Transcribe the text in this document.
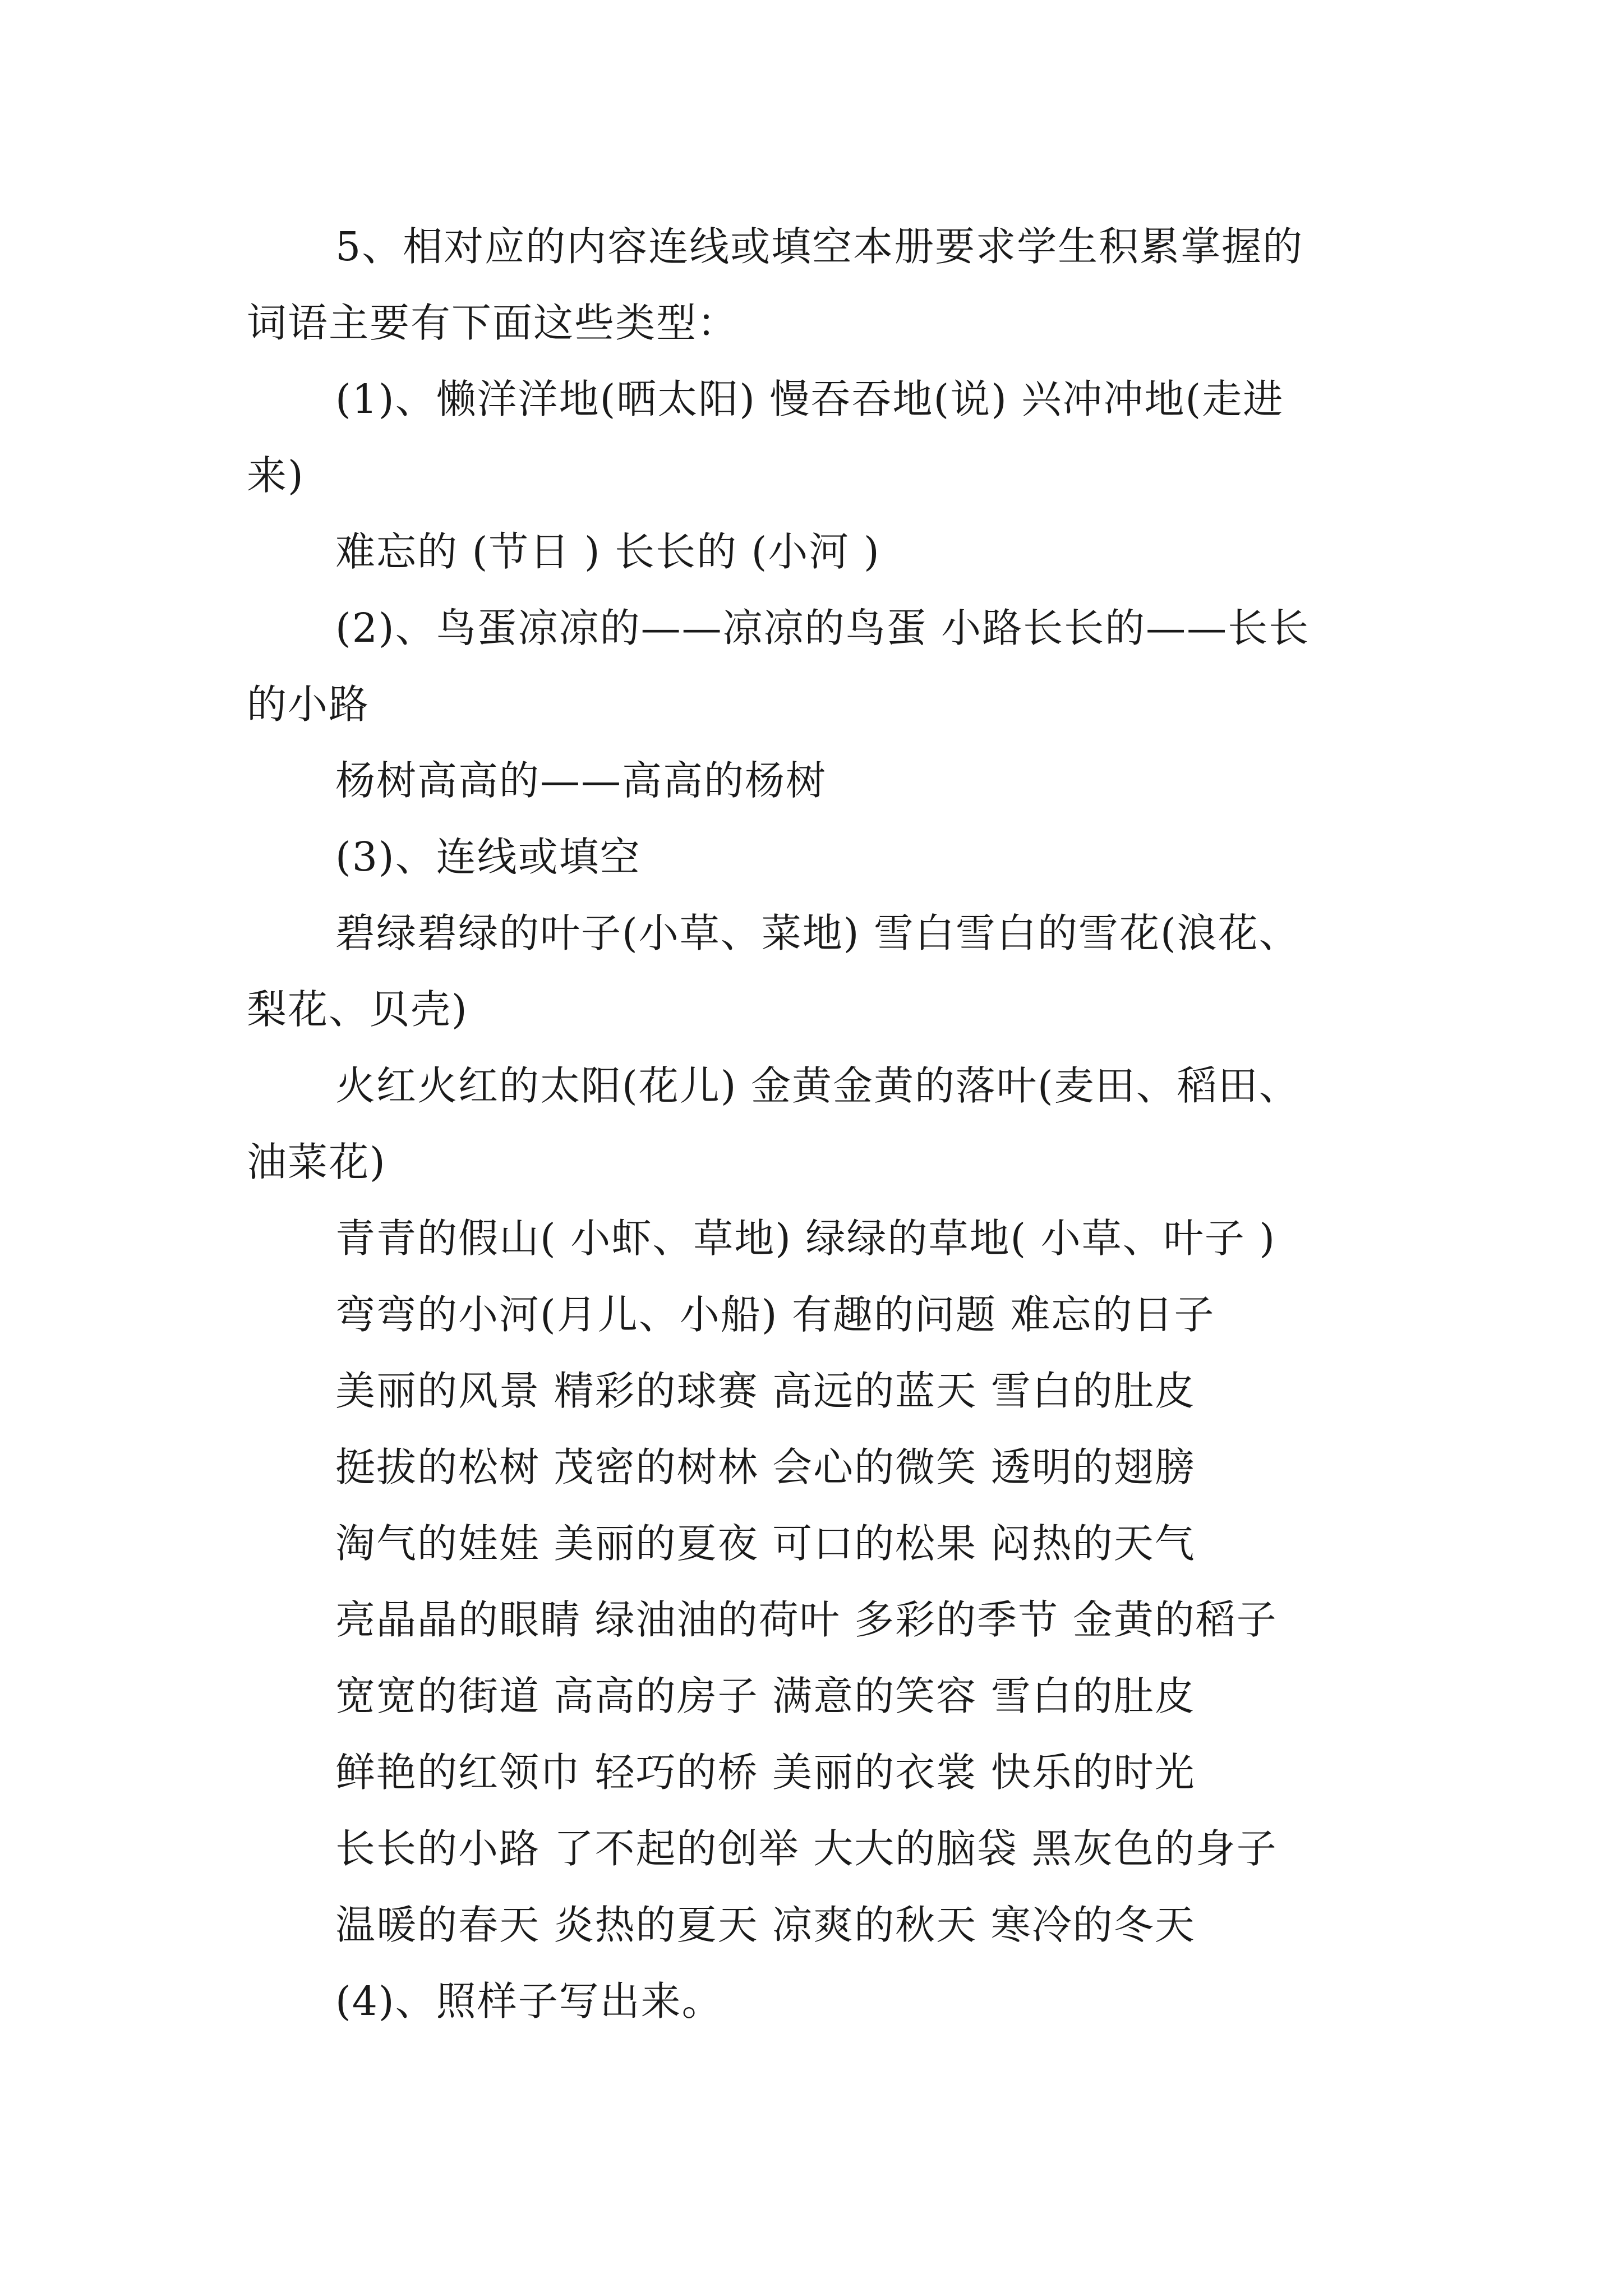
5、相对应的内容连线或填空本册要求学生积累掌握的
词语主要有下面这些类型：
(1)、懒洋洋地(晒太阳) 慢吞吞地(说) 兴冲冲地(走进
来)
难忘的 (节日 ) 长长的 (小河 )
(2)、鸟蛋凉凉的——凉凉的鸟蛋 小路长长的——长长
的小路
杨树高高的——高高的杨树
(3)、连线或填空
碧绿碧绿的叶子(小草、菜地) 雪白雪白的雪花(浪花、
梨花、贝壳)
火红火红的太阳(花儿) 金黄金黄的落叶(麦田、稻田、
油菜花)
青青的假山( 小虾、草地) 绿绿的草地( 小草、叶子 )
弯弯的小河(月儿、小船) 有趣的问题 难忘的日子
美丽的风景 精彩的球赛 高远的蓝天 雪白的肚皮
挺拔的松树 茂密的树林 会心的微笑 透明的翅膀
淘气的娃娃 美丽的夏夜 可口的松果 闷热的天气
亮晶晶的眼睛 绿油油的荷叶 多彩的季节 金黄的稻子
宽宽的街道 高高的房子 满意的笑容 雪白的肚皮
鲜艳的红领巾 轻巧的桥 美丽的衣裳 快乐的时光
长长的小路 了不起的创举 大大的脑袋 黑灰色的身子
温暖的春天 炎热的夏天 凉爽的秋天 寒冷的冬天
(4)、照样子写出来。
